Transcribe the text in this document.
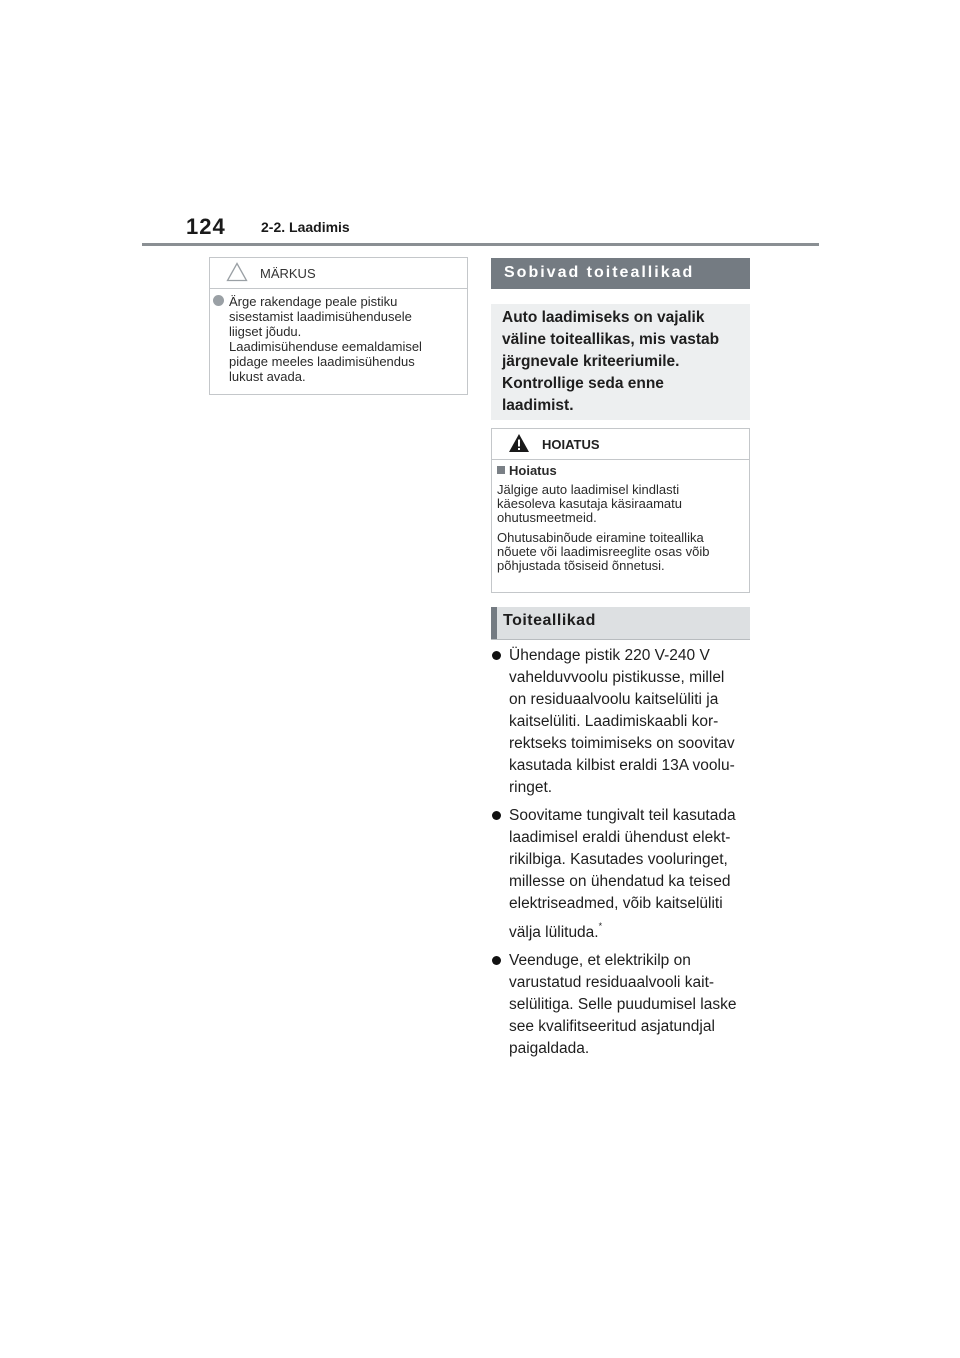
124	2-2. Laadimis
MÄRKUS

Ärge rakendage peale pistiku
sisestamist laadimisühendusele
liigset jõudu.
Laadimisühenduse eemaldamisel
pidage meeles laadimisühendus
lukust avada.

Sobivad toiteallikad
Auto laadimiseks on vajalik
väline toiteallikas, mis vastab
järgnevale kriteeriumile.
Kontrollige seda enne
laadimist.
HOIATUS
Hoiatus

Jälgige auto laadimisel kindlasti
käesoleva kasutaja käsiraamatu
ohutusmeetmeid.

Ohutusabinõude eiramine toiteallika
nõuete või laadimisreeglite osas võib
põhjustada tõsiseid õnnetusi.

Toiteallikad
Ühendage pistik 220 V-240 V
vahelduvvoolu pistikusse, millel
on residuaalvoolu kaitselüliti ja
kaitselüliti. Laadimiskaabli kor-
rektseks toimimiseks on soovitav
kasutada kilbist eraldi 13A voolu-
ringet.
Soovitame tungivalt teil kasutada
laadimisel eraldi ühendust elekt-
rikilbiga. Kasutades vooluringet,
millesse on ühendatud ka teised
elektriseadmed, võib kaitselüliti
välja lülituda.*
Veenduge, et elektrikilp on
varustatud residuaalvooli kait-
selülitiga. Selle puudumisel laske
see kvalifitseeritud asjatundjal
paigaldada.
